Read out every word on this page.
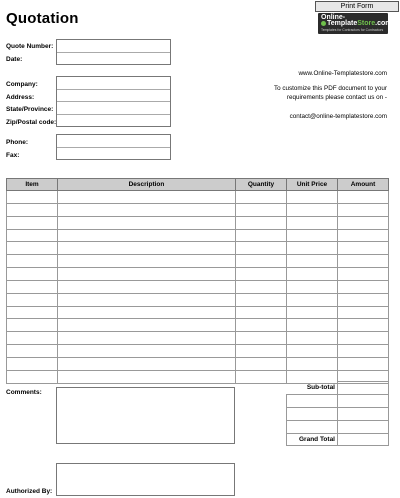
Quotation
Print Form
Online-
TemplateStore.com
Templates for Contractors for Contractors
Quote Number:
Date:
Company:
Address:
State/Province:
Zip/Postal code:
Phone:
Fax:
www.Online-Templatestore.com
To customize this PDF document to your
requirements please contact us on -
contact@online-templatestore.com
Item	Description	Quantity	Unit Price	Amount

Sub-total	

Grand Total	
Comments:
Authorized By:
